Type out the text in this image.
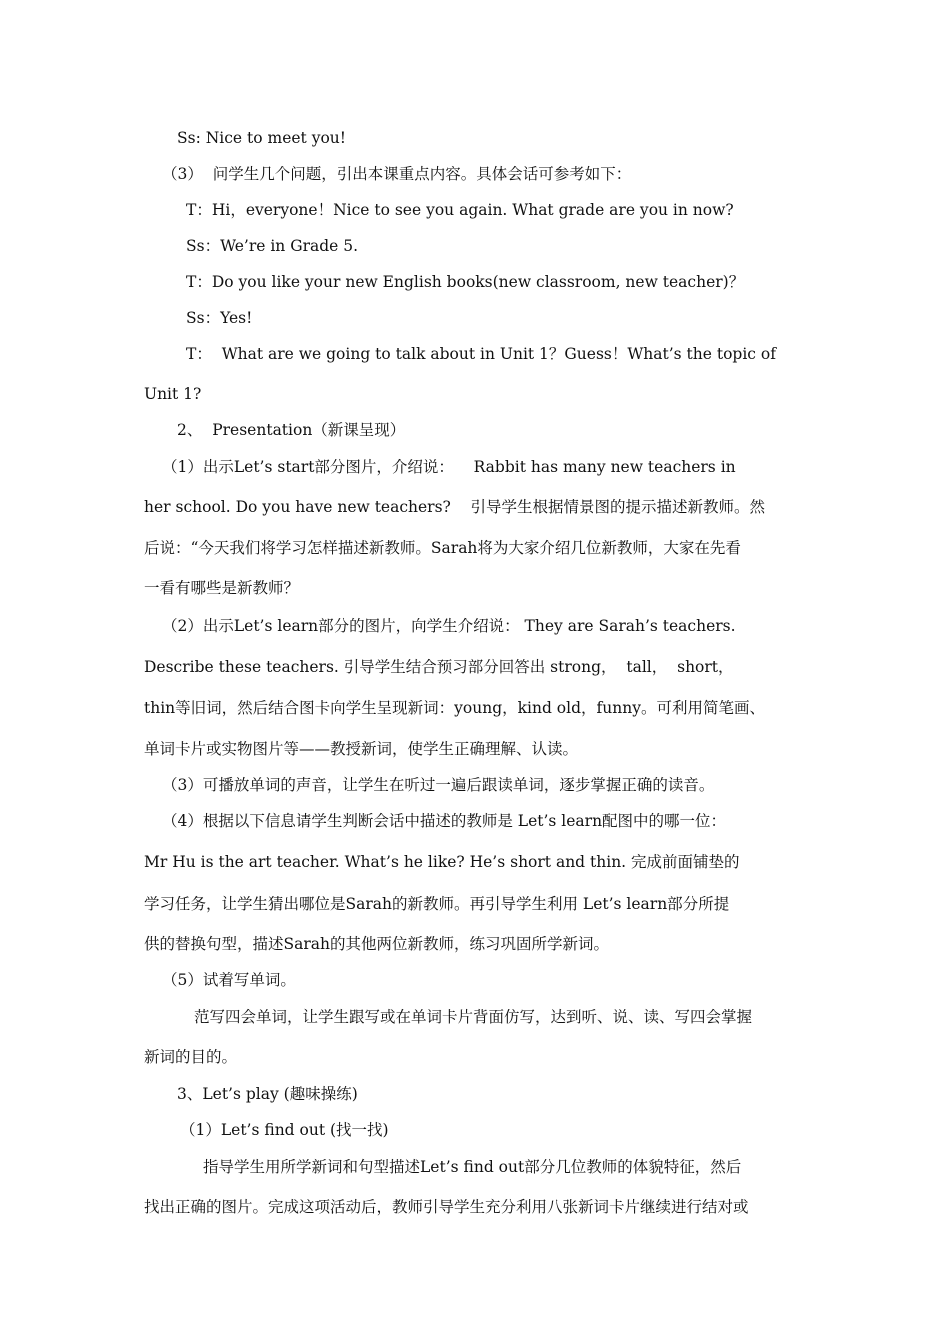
Ss: Nice to meet you!
（3）  问学生几个问题，引出本课重点内容。具体会话可参考如下：
T：Hi，everyone！Nice to see you again. What grade are you in now?
Ss：We’re in Grade 5.
T：Do you like your new English books(new classroom, new teacher)？
Ss：Yes!
T：  What are we going to talk about in Unit 1？Guess！What’s the topic of
Unit 1?
2、  Presentation（新课呈现）
（1）出示Let’s start部分图片，介绍说：    Rabbit has many new teachers in
her school. Do you have new teachers?    引导学生根据情景图的提示描述新教师。然
后说：“今天我们将学习怎样描述新教师。Sarah将为大家介绍几位新教师，大家在先看
一看有哪些是新教师？
（2）出示Let’s learn部分的图片，向学生介绍说： They are Sarah’s teachers.
Describe these teachers. 引导学生结合预习部分回答出 strong，  tall，  short，
thin等旧词，然后结合图卡向学生呈现新词：young，kind old，funny。可利用简笔画、
单词卡片或实物图片等——教授新词，使学生正确理解、认读。
（3）可播放单词的声音，让学生在听过一遍后跟读单词，逐步掌握正确的读音。
（4）根据以下信息请学生判断会话中描述的教师是 Let’s learn配图中的哪一位：
Mr Hu is the art teacher. What’s he like? He’s short and thin. 完成前面铺垫的
学习任务，让学生猜出哪位是Sarah的新教师。再引导学生利用 Let’s learn部分所提
供的替换句型，描述Sarah的其他两位新教师，练习巩固所学新词。
（5）试着写单词。
范写四会单词，让学生跟写或在单词卡片背面仿写，达到听、说、读、写四会掌握
新词的目的。
3、Let’s play (趣味操练)
（1）Let’s find out (找一找)
指导学生用所学新词和句型描述Let’s find out部分几位教师的体貌特征，然后
找出正确的图片。完成这项活动后，教师引导学生充分利用八张新词卡片继续进行结对或
